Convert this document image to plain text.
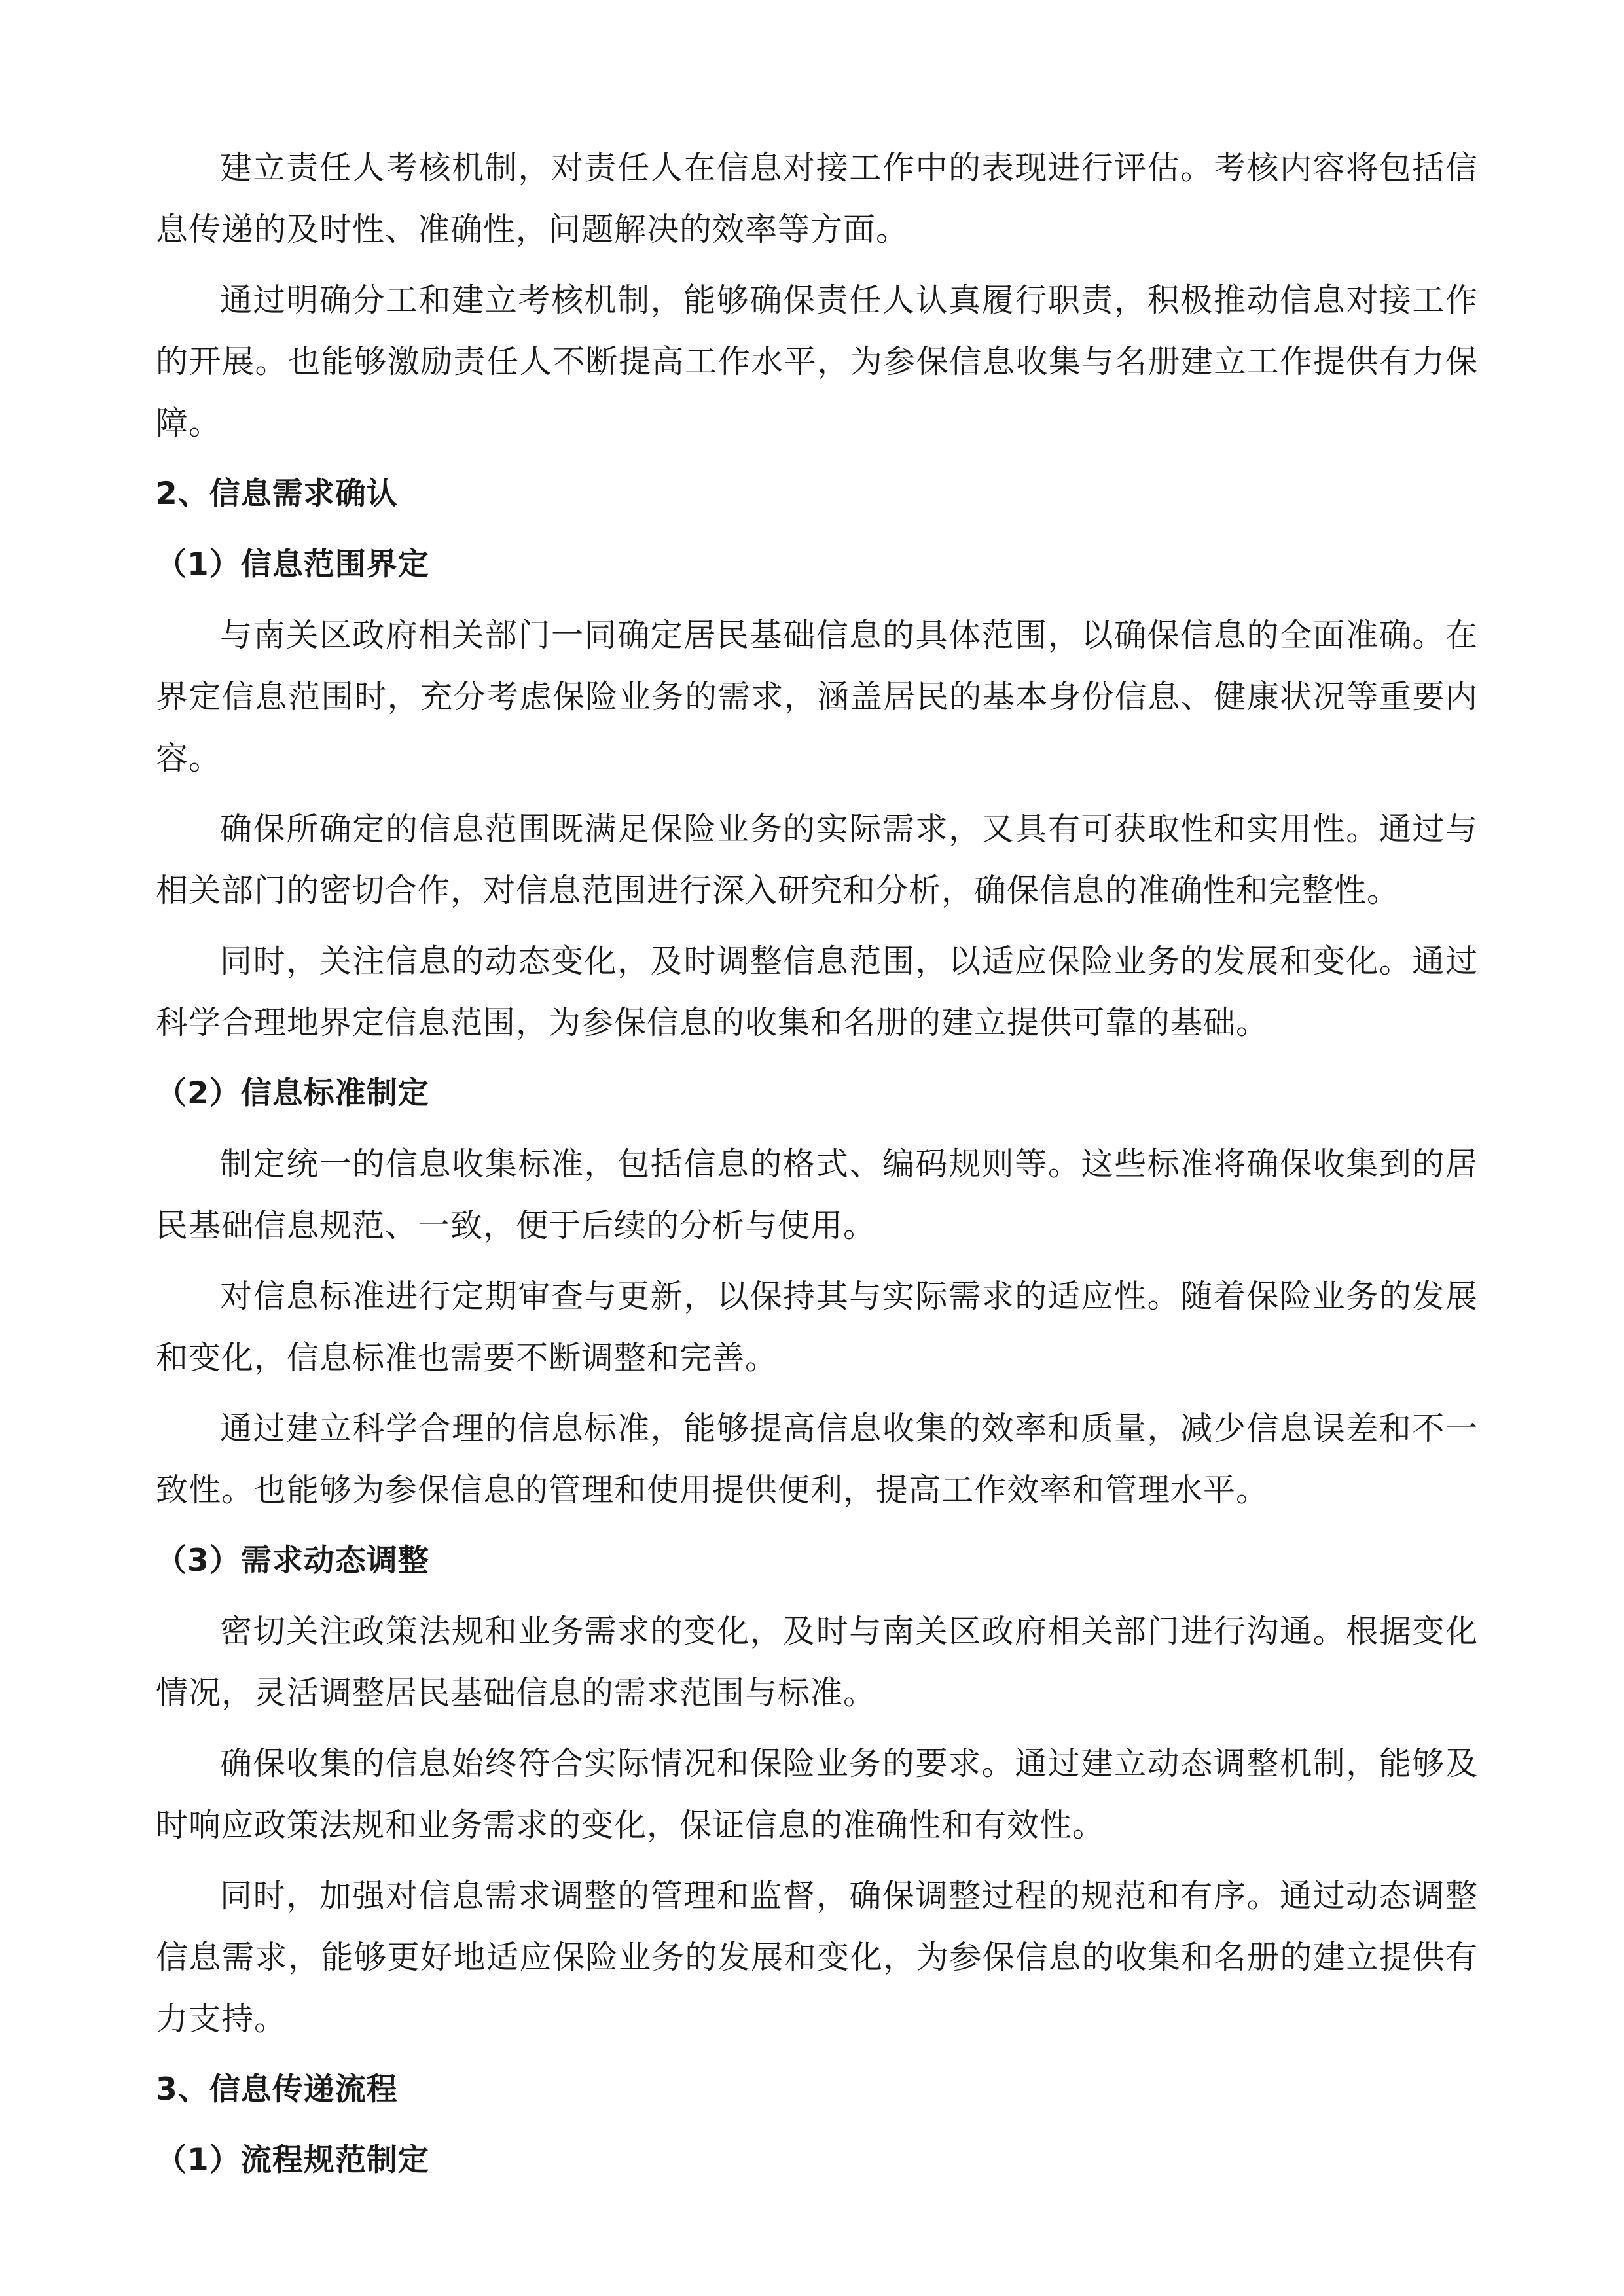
建立责任人考核机制，对责任人在信息对接工作中的表现进行评估。考核内容将包括信息传递的及时性、准确性，问题解决的效率等方面。

通过明确分工和建立考核机制，能够确保责任人认真履行职责，积极推动信息对接工作的开展。也能够激励责任人不断提高工作水平，为参保信息收集与名册建立工作提供有力保障。

2、信息需求确认
（1）信息范围界定

与南关区政府相关部门一同确定居民基础信息的具体范围，以确保信息的全面准确。在界定信息范围时，充分考虑保险业务的需求，涵盖居民的基本身份信息、健康状况等重要内容。

确保所确定的信息范围既满足保险业务的实际需求，又具有可获取性和实用性。通过与相关部门的密切合作，对信息范围进行深入研究和分析，确保信息的准确性和完整性。

同时，关注信息的动态变化，及时调整信息范围，以适应保险业务的发展和变化。通过科学合理地界定信息范围，为参保信息的收集和名册的建立提供可靠的基础。

（2）信息标准制定

制定统一的信息收集标准，包括信息的格式、编码规则等。这些标准将确保收集到的居民基础信息规范、一致，便于后续的分析与使用。

对信息标准进行定期审查与更新，以保持其与实际需求的适应性。随着保险业务的发展和变化，信息标准也需要不断调整和完善。

通过建立科学合理的信息标准，能够提高信息收集的效率和质量，减少信息误差和不一致性。也能够为参保信息的管理和使用提供便利，提高工作效率和管理水平。

（3）需求动态调整

密切关注政策法规和业务需求的变化，及时与南关区政府相关部门进行沟通。根据变化情况，灵活调整居民基础信息的需求范围与标准。

确保收集的信息始终符合实际情况和保险业务的要求。通过建立动态调整机制，能够及时响应政策法规和业务需求的变化，保证信息的准确性和有效性。

同时，加强对信息需求调整的管理和监督，确保调整过程的规范和有序。通过动态调整信息需求，能够更好地适应保险业务的发展和变化，为参保信息的收集和名册的建立提供有力支持。

3、信息传递流程
（1）流程规范制定
